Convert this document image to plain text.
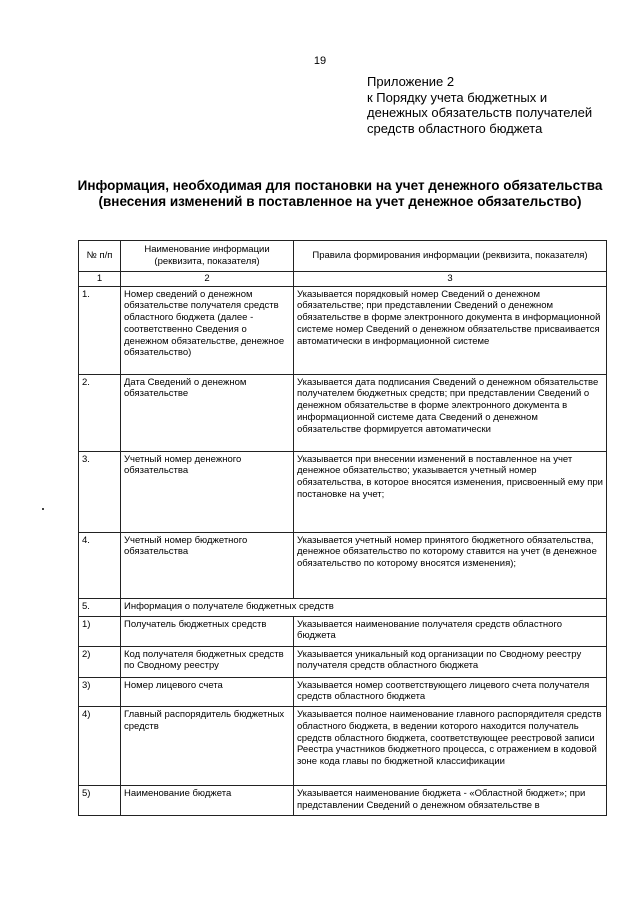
19
Приложение 2
к Порядку учета бюджетных и
денежных обязательств получателей
средств областного бюджета
Информация, необходимая для постановки на учет денежного обязательства
(внесения изменений в поставленное на учет денежное обязательство)
№ п/п	Наименование информации (реквизита, показателя)	Правила формирования информации (реквизита, показателя)
1	2	3
1.	Номер сведений о денежном обязательстве получателя средств областного бюджета (далее - соответственно Сведения о денежном обязательстве, денежное обязательство)	Указывается порядковый номер Сведений о денежном обязательстве; при представлении Сведений о денежном обязательстве в форме электронного документа в информационной системе номер Сведений о денежном обязательстве присваивается автоматически в информационной системе
2.	Дата Сведений о денежном обязательстве	Указывается дата подписания Сведений о денежном обязательстве получателем бюджетных средств; при представлении Сведений о денежном обязательстве в форме электронного документа в информационной системе дата Сведений о денежном обязательстве формируется автоматически
3.	Учетный номер денежного обязательства	Указывается при внесении изменений в поставленное на учет денежное обязательство; указывается учетный номер обязательства, в которое вносятся изменения, присвоенный ему при постановке на учет;
4.	Учетный номер бюджетного обязательства	Указывается учетный номер принятого бюджетного обязательства, денежное обязательство по которому ставится на учет (в денежное обязательство по которому вносятся изменения);
5.	Информация о получателе бюджетных средств	
1)	Получатель бюджетных средств	Указывается наименование получателя средств областного бюджета
2)	Код получателя бюджетных средств по Сводному реестру	Указывается уникальный код организации по Сводному реестру получателя средств областного бюджета
3)	Номер лицевого счета	Указывается номер соответствующего лицевого счета получателя средств областного бюджета
4)	Главный распорядитель бюджетных средств	Указывается полное наименование главного распорядителя средств областного бюджета, в ведении которого находится получатель средств областного бюджета, соответствующее реестровой записи Реестра участников бюджетного процесса, с отражением в кодовой зоне кода главы по бюджетной классификации
5)	Наименование бюджета	Указывается наименование бюджета - «Областной бюджет»; при представлении Сведений о денежном обязательстве в
